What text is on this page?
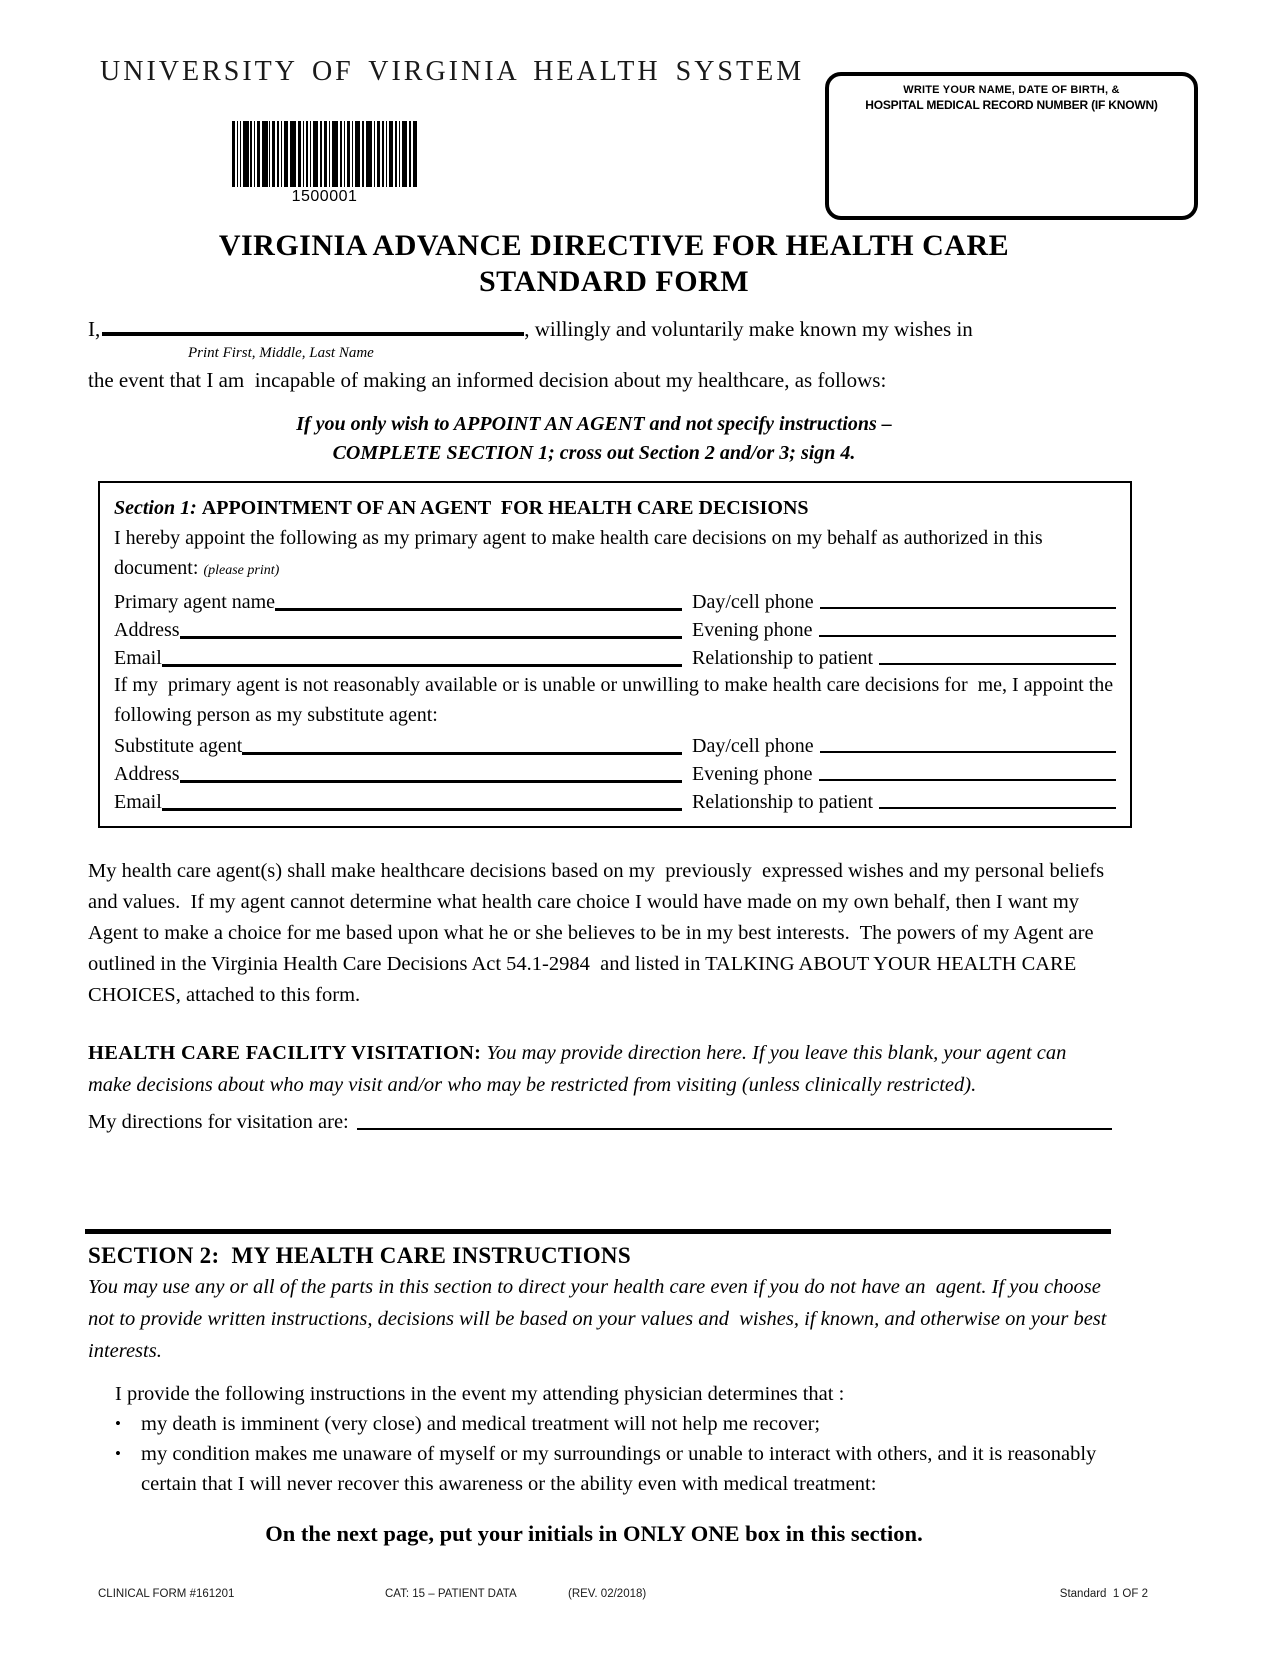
UNIVERSITY OF VIRGINIA HEALTH SYSTEM
1500001
WRITE YOUR NAME, DATE OF BIRTH, &
HOSPITAL MEDICAL RECORD NUMBER (IF KNOWN)
VIRGINIA ADVANCE DIRECTIVE FOR HEALTH CARE
STANDARD FORM
I,	, willingly and voluntarily make known my wishes in
Print First, Middle, Last Name
the event that I am  incapable of making an informed decision about my healthcare, as follows:
If you only wish to APPOINT AN AGENT and not specify instructions –
COMPLETE SECTION 1; cross out Section 2 and/or 3; sign 4.
Section 1: APPOINTMENT OF AN AGENT  FOR HEALTH CARE DECISIONS
I hereby appoint the following as my primary agent to make health care decisions on my behalf as authorized in this document: (please print)
Primary agent name	Day/cell phone
Address	Evening phone
Email	Relationship to patient
If my  primary agent is not reasonably available or is unable or unwilling to make health care decisions for  me, I appoint the following person as my substitute agent:
Substitute agent	Day/cell phone
Address	Evening phone
Email	Relationship to patient
My health care agent(s) shall make healthcare decisions based on my  previously  expressed wishes and my personal beliefs and values.  If my agent cannot determine what health care choice I would have made on my own behalf, then I want my Agent to make a choice for me based upon what he or she believes to be in my best interests.  The powers of my Agent are outlined in the Virginia Health Care Decisions Act 54.1-2984  and listed in TALKING ABOUT YOUR HEALTH CARE CHOICES, attached to this form.
HEALTH CARE FACILITY VISITATION: You may provide direction here. If you leave this blank, your agent can make decisions about who may visit and/or who may be restricted from visiting (unless clinically restricted).
My directions for visitation are:
SECTION 2:  MY HEALTH CARE INSTRUCTIONS
You may use any or all of the parts in this section to direct your health care even if you do not have an  agent. If you choose not to provide written instructions, decisions will be based on your values and  wishes, if known, and otherwise on your best interests.
I provide the following instructions in the event my attending physician determines that :
• my death is imminent (very close) and medical treatment will not help me recover;
• my condition makes me unaware of myself or my surroundings or unable to interact with others, and it is reasonably certain that I will never recover this awareness or the ability even with medical treatment:
On the next page, put your initials in ONLY ONE box in this section.
CLINICAL FORM #161201	CAT: 15 – PATIENT DATA	(REV. 02/2018)	Standard  1 OF 2
